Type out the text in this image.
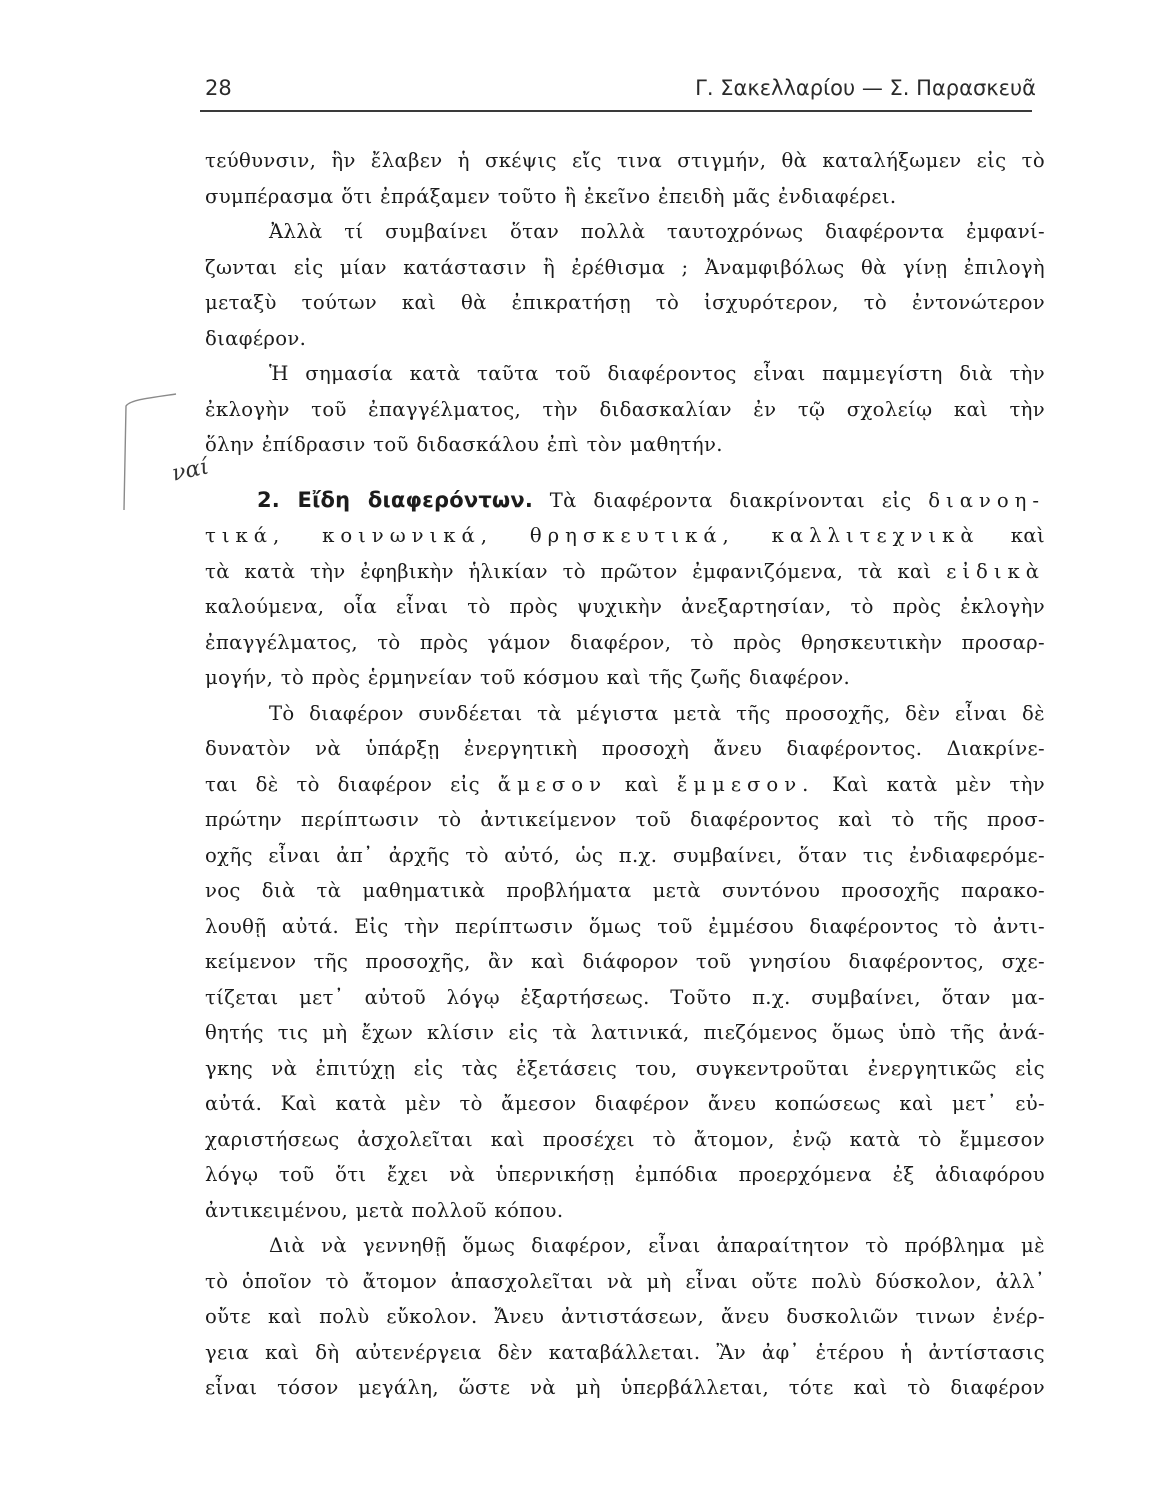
28	Γ. Σακελλαρίου — Σ. Παρασκευᾶ
ναί

τεύθυνσιν, ἣν ἔλαβεν ἡ σκέψις εἴς τινα στιγμήν, θὰ καταλήξωμεν εἰς τὸ
συμπέρασμα ὅτι ἐπράξαμεν τοῦτο ἢ ἐκεῖνο ἐπειδὴ μᾶς ἐνδιαφέρει.

Ἀλλὰ τί συμβαίνει ὅταν πολλὰ ταυτοχρόνως διαφέροντα ἐμφανί-
ζωνται εἰς μίαν κατάστασιν ἢ ἐρέθισμα ; Ἀναμφιβόλως θὰ γίνῃ ἐπιλογὴ
μεταξὺ τούτων καὶ θὰ ἐπικρατήσῃ τὸ ἰσχυρότερον, τὸ ἐντονώτερον
διαφέρον.

Ἡ σημασία κατὰ ταῦτα τοῦ διαφέροντος εἶναι παμμεγίστη διὰ τὴν
ἐκλογὴν τοῦ ἐπαγγέλματος, τὴν διδασκαλίαν ἐν τῷ σχολείῳ καὶ τὴν
ὅλην ἐπίδρασιν τοῦ διδασκάλου ἐπὶ τὸν μαθητήν.

2. Εἴδη διαφερόντων. Τὰ διαφέροντα διακρίνονται εἰς διανοη-
τικά, κοινωνικά, θρησκευτικά, καλλιτεχνικὰ καὶ
τὰ κατὰ τὴν ἐφηβικὴν ἡλικίαν τὸ πρῶτον ἐμφανιζόμενα, τὰ καὶ εἰδικὰ
καλούμενα, οἷα εἶναι τὸ πρὸς ψυχικὴν ἀνεξαρτησίαν, τὸ πρὸς ἐκλογὴν
ἐπαγγέλματος, τὸ πρὸς γάμον διαφέρον, τὸ πρὸς θρησκευτικὴν προσαρ-
μογήν, τὸ πρὸς ἑρμηνείαν τοῦ κόσμου καὶ τῆς ζωῆς διαφέρον.

Τὸ διαφέρον συνδέεται τὰ μέγιστα μετὰ τῆς προσοχῆς, δὲν εἶναι δὲ
δυνατὸν νὰ ὑπάρξῃ ἐνεργητικὴ προσοχὴ ἄνευ διαφέροντος. Διακρίνε-
ται δὲ τὸ διαφέρον εἰς ἄμεσον καὶ ἔμμεσον. Καὶ κατὰ μὲν τὴν
πρώτην περίπτωσιν τὸ ἀντικείμενον τοῦ διαφέροντος καὶ τὸ τῆς προσ-
οχῆς εἶναι ἀπ᾽ ἀρχῆς τὸ αὐτό, ὡς π.χ. συμβαίνει, ὅταν τις ἐνδιαφερόμε-
νος διὰ τὰ μαθηματικὰ προβλήματα μετὰ συντόνου προσοχῆς παρακο-
λουθῇ αὐτά. Εἰς τὴν περίπτωσιν ὅμως τοῦ ἐμμέσου διαφέροντος τὸ ἀντι-
κείμενον τῆς προσοχῆς, ἂν καὶ διάφορον τοῦ γνησίου διαφέροντος, σχε-
τίζεται μετ᾽ αὐτοῦ λόγῳ ἐξαρτήσεως. Τοῦτο π.χ. συμβαίνει, ὅταν μα-
θητής τις μὴ ἔχων κλίσιν εἰς τὰ λατινικά, πιεζόμενος ὅμως ὑπὸ τῆς ἀνά-
γκης νὰ ἐπιτύχῃ εἰς τὰς ἐξετάσεις του, συγκεντροῦται ἐνεργητικῶς εἰς
αὐτά. Καὶ κατὰ μὲν τὸ ἄμεσον διαφέρον ἄνευ κοπώσεως καὶ μετ᾽ εὐ-
χαριστήσεως ἀσχολεῖται καὶ προσέχει τὸ ἄτομον, ἐνῷ κατὰ τὸ ἔμμεσον
λόγῳ τοῦ ὅτι ἔχει νὰ ὑπερνικήσῃ ἐμπόδια προερχόμενα ἐξ ἀδιαφόρου
ἀντικειμένου, μετὰ πολλοῦ κόπου.

Διὰ νὰ γεννηθῇ ὅμως διαφέρον, εἶναι ἀπαραίτητον τὸ πρόβλημα μὲ
τὸ ὁποῖον τὸ ἄτομον ἀπασχολεῖται νὰ μὴ εἶναι οὔτε πολὺ δύσκολον, ἀλλ᾽
οὔτε καὶ πολὺ εὔκολον. Ἄνευ ἀντιστάσεων, ἄνευ δυσκολιῶν τινων ἐνέρ-
γεια καὶ δὴ αὐτενέργεια δὲν καταβάλλεται. Ἂν ἀφ᾽ ἑτέρου ἡ ἀντίστασις
εἶναι τόσον μεγάλη, ὥστε νὰ μὴ ὑπερβάλλεται, τότε καὶ τὸ διαφέρον
